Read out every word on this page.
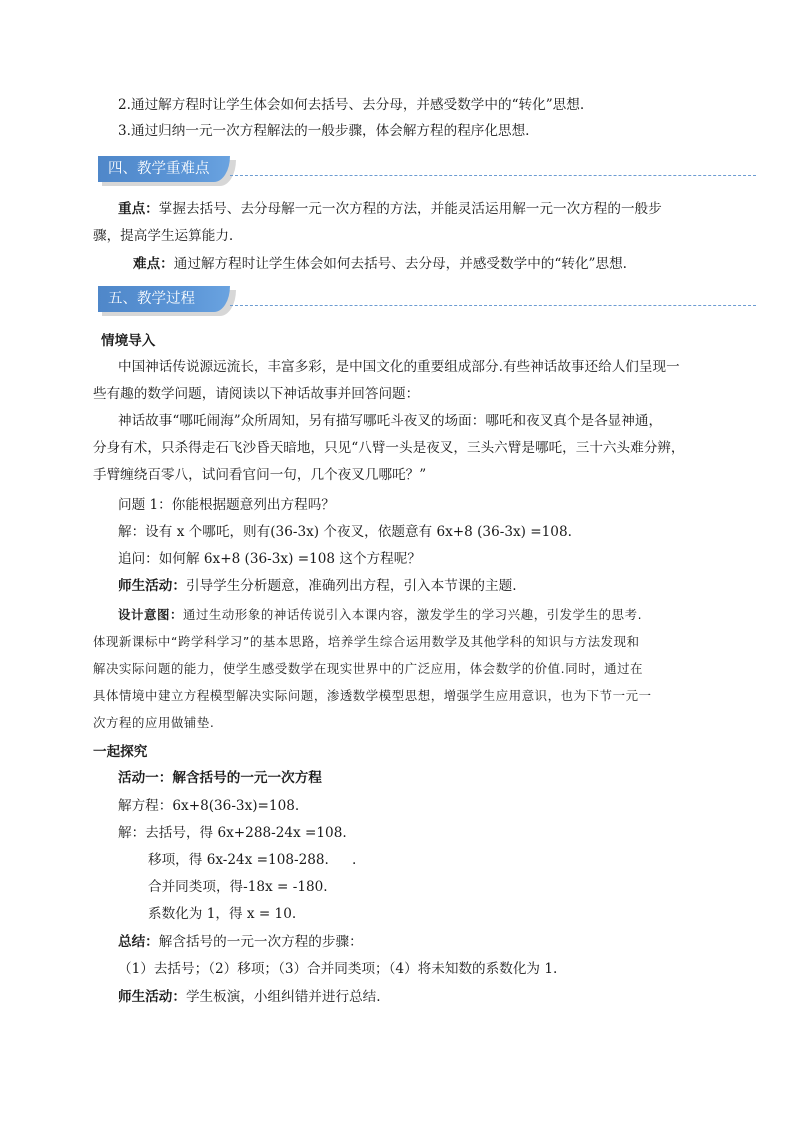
2.通过解方程时让学生体会如何去括号、去分母，并感受数学中的“转化”思想.
3.通过归纳一元一次方程解法的一般步骤，体会解方程的程序化思想.
四、教学重难点
重点：掌握去括号、去分母解一元一次方程的方法，并能灵活运用解一元一次方程的一般步
骤，提高学生运算能力.
难点：通过解方程时让学生体会如何去括号、去分母，并感受数学中的“转化”思想.
五、教学过程
情境导入
中国神话传说源远流长，丰富多彩，是中国文化的重要组成部分.有些神话故事还给人们呈现一
些有趣的数学问题，请阅读以下神话故事并回答问题：
神话故事“哪吒闹海”众所周知，另有描写哪吒斗夜叉的场面：哪吒和夜叉真个是各显神通，
分身有术，只杀得走石飞沙昏天暗地，只见“八臂一头是夜叉，三头六臂是哪吒，三十六头难分辨，
手臂缠绕百零八，试问看官问一句，几个夜叉几哪吒？”
问题 1：你能根据题意列出方程吗？
解：设有 x 个哪吒，则有(36-3x) 个夜叉，依题意有 6x+8 (36-3x) =108.
追问：如何解 6x+8 (36-3x) =108 这个方程呢？
师生活动：引导学生分析题意，准确列出方程，引入本节课的主题.
设计意图：通过生动形象的神话传说引入本课内容，激发学生的学习兴趣，引发学生的思考.
体现新课标中“跨学科学习”的基本思路，培养学生综合运用数学及其他学科的知识与方法发现和
解决实际问题的能力，使学生感受数学在现实世界中的广泛应用，体会数学的价值.同时，通过在
具体情境中建立方程模型解决实际问题，渗透数学模型思想，增强学生应用意识，也为下节一元一
次方程的应用做铺垫.
一起探究
活动一：解含括号的一元一次方程
解方程：6x+8(36-3x)=108.
解：去括号，得 6x+288-24x =108.
移项，得 6x-24x =108-288. .
合并同类项，得-18x = -180.
系数化为 1，得 x = 10.
总结：解含括号的一元一次方程的步骤：
（1）去括号；（2）移项；（3）合并同类项；（4）将未知数的系数化为 1.
师生活动：学生板演，小组纠错并进行总结.
